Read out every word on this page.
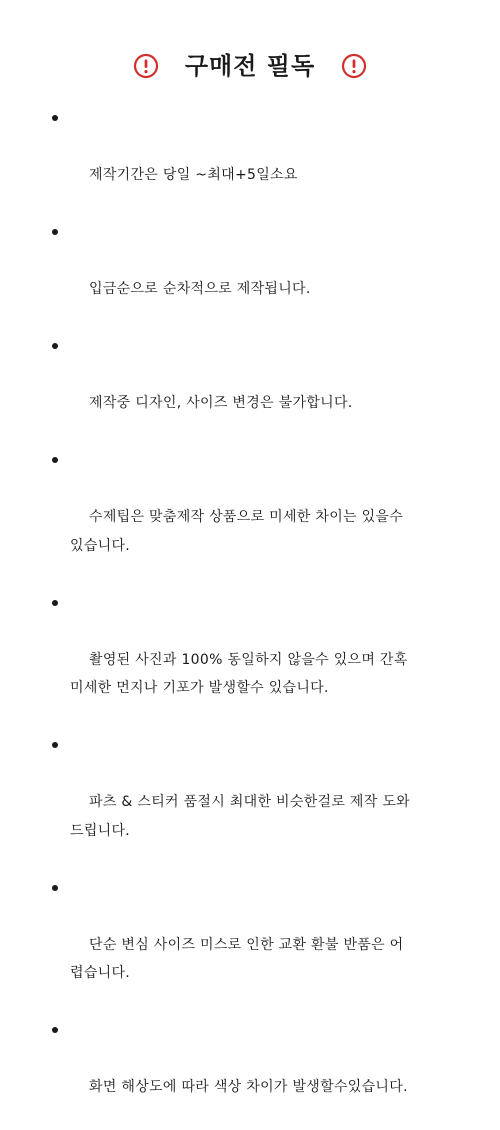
구매전 필독

제작기간은 당일 ~최대+5일소요

입금순으로 순차적으로 제작됩니다.

제작중 디자인, 사이즈 변경은 불가합니다.

수제팁은 맞춤제작 상품으로 미세한 차이는 있을수
있습니다.

촬영된 사진과 100% 동일하지 않을수 있으며 간혹
미세한 먼지나 기포가 발생할수 있습니다.

파츠 & 스티커 품절시 최대한 비슷한걸로 제작 도와
드립니다.

단순 변심 사이즈 미스로 인한 교환 환불 반품은 어
렵습니다.

화면 해상도에 따라 색상 차이가 발생할수있습니다.
